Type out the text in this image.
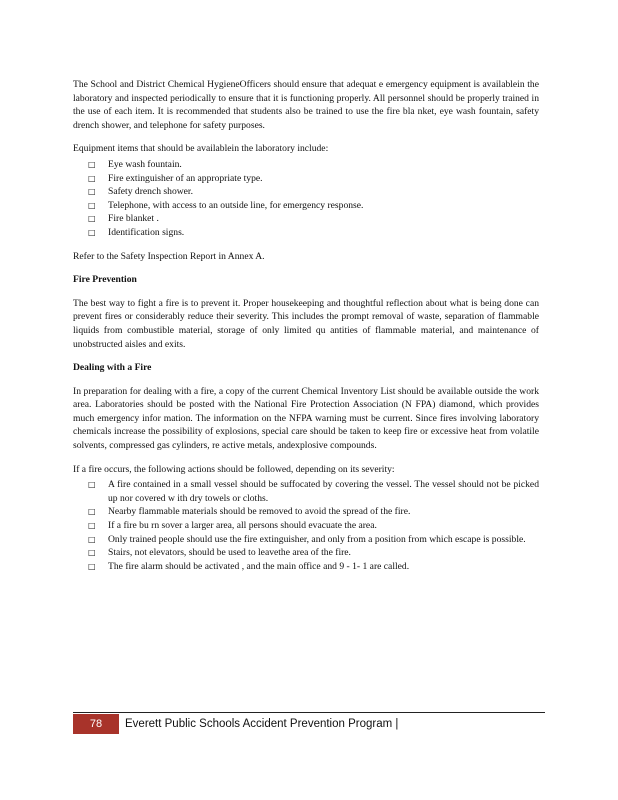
The School and District Chemical HygieneOfficers should ensure that adequat e emergency equipment is availablein the laboratory and inspected periodically to ensure that it is functioning properly. All personnel should be properly trained in the use of each item. It is recommended that students also be trained to use the fire bla nket, eye wash fountain, safety drench shower, and telephone for safety purposes.

Equipment items that should be availablein the laboratory include:

□ Eye wash fountain.
□ Fire extinguisher of an appropriate type.
□ Safety drench shower.
□ Telephone, with access to an outside line, for emergency response.
□ Fire blanket .
□ Identification signs.

Refer to the Safety Inspection Report in Annex A.

Fire Prevention

The best way to fight a fire is to prevent it. Proper housekeeping and thoughtful reflection about what is being done can prevent fires or considerably reduce their severity. This includes the prompt removal of waste, separation of flammable liquids from combustible material, storage of only limited qu antities of flammable material, and maintenance of unobstructed aisles and exits.

Dealing with a Fire

In preparation for dealing with a fire, a copy of the current Chemical Inventory List should be available outside the work area. Laboratories should be posted with the National Fire Protection Association (N FPA) diamond, which provides much emergency infor mation. The information on the NFPA warning must be current. Since fires involving laboratory chemicals increase the possibility of explosions, special care should be taken to keep fire or excessive heat from volatile solvents, compressed gas cylinders, re active metals, andexplosive compounds.

If a fire occurs, the following actions should be followed, depending on its severity:

□ A fire contained in a small vessel should be suffocated by covering the vessel. The vessel should not be picked up nor covered w ith dry towels or cloths.
□ Nearby flammable materials should be removed to avoid the spread of the fire.
□ If a fire bu rn sover a larger area, all persons should evacuate the area.
□ Only trained people should use the fire extinguisher, and only from a position from which escape is possible.
□ Stairs, not elevators, should be used to leavethe area of the fire.
□ The fire alarm should be activated , and the main office and 9 - 1- 1 are called.
78	Everett Public Schools Accident Prevention Program |
